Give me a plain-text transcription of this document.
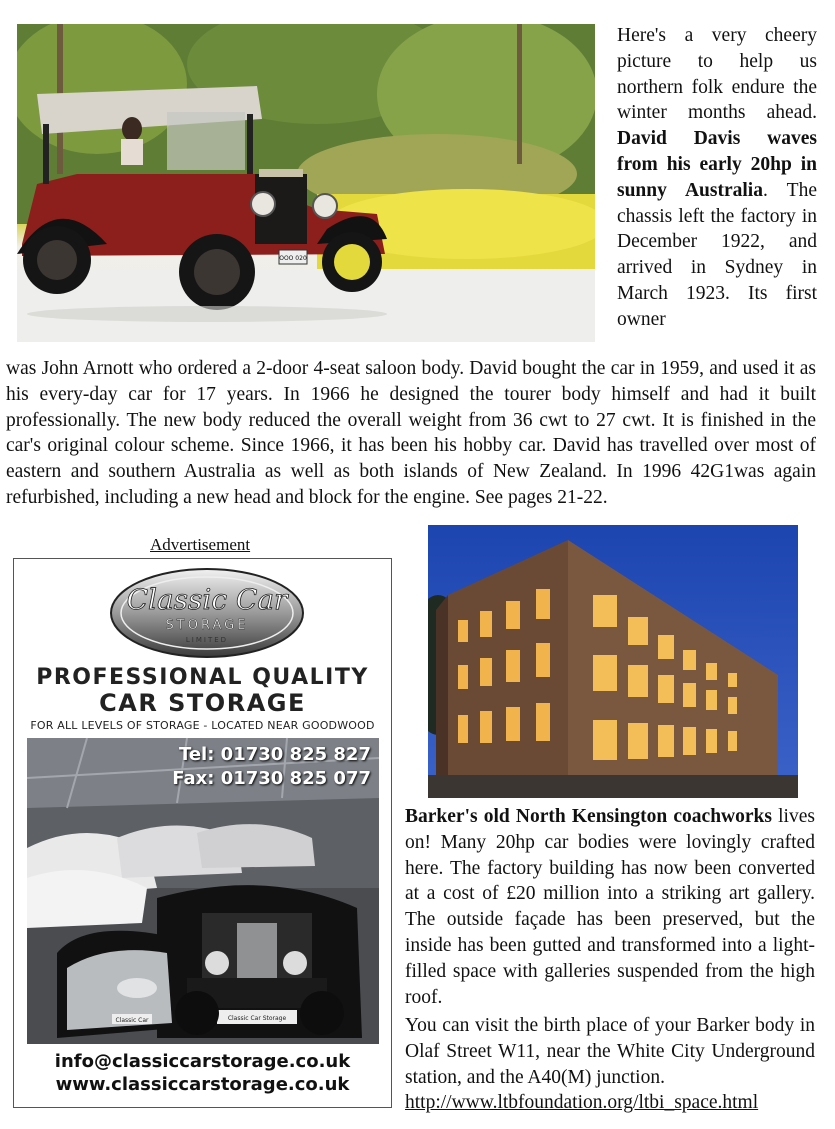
OOO 020
Here's a very cheery picture to help us northern folk endure the winter months ahead. David Davis waves from his early 20hp in sunny Australia. The chassis left the factory in December 1922, and arrived in Sydney in March 1923. Its first owner
was John Arnott who ordered a 2-door 4-seat saloon body. David bought the car in 1959, and used it as his every-day car for 17 years. In 1966 he designed the tourer body himself and had it built professionally. The new body reduced the overall weight from 36 cwt to 27 cwt. It is finished in the car's original colour scheme. Since 1966, it has been his hobby car. David has travelled over most of eastern and southern Australia as well as both islands of New Zealand. In 1996 42G1was again refurbished, including a new head and block for the engine. See pages 21-22.
Advertisement
Classic Car
STORAGE
LIMITED
PROFESSIONAL QUALITY
CAR STORAGE
FOR ALL LEVELS OF STORAGE - LOCATED NEAR GOODWOOD
Classic Car	Classic Car Storage
Tel: 01730 825 827
Fax: 01730 825 077
info@classiccarstorage.co.uk
www.classiccarstorage.co.uk
Barker's old North Kensington coachworks lives on! Many 20hp car bodies were lovingly crafted here. The factory building has now been converted at a cost of £20 million into a striking art gallery. The outside façade has been preserved, but the inside has been gutted and transformed into a light-filled space with galleries suspended from the high roof.
You can visit the birth place of your Barker body in Olaf Street W11, near the White City Underground station, and the A40(M) junction.
http://www.ltbfoundation.org/ltbi_space.html
